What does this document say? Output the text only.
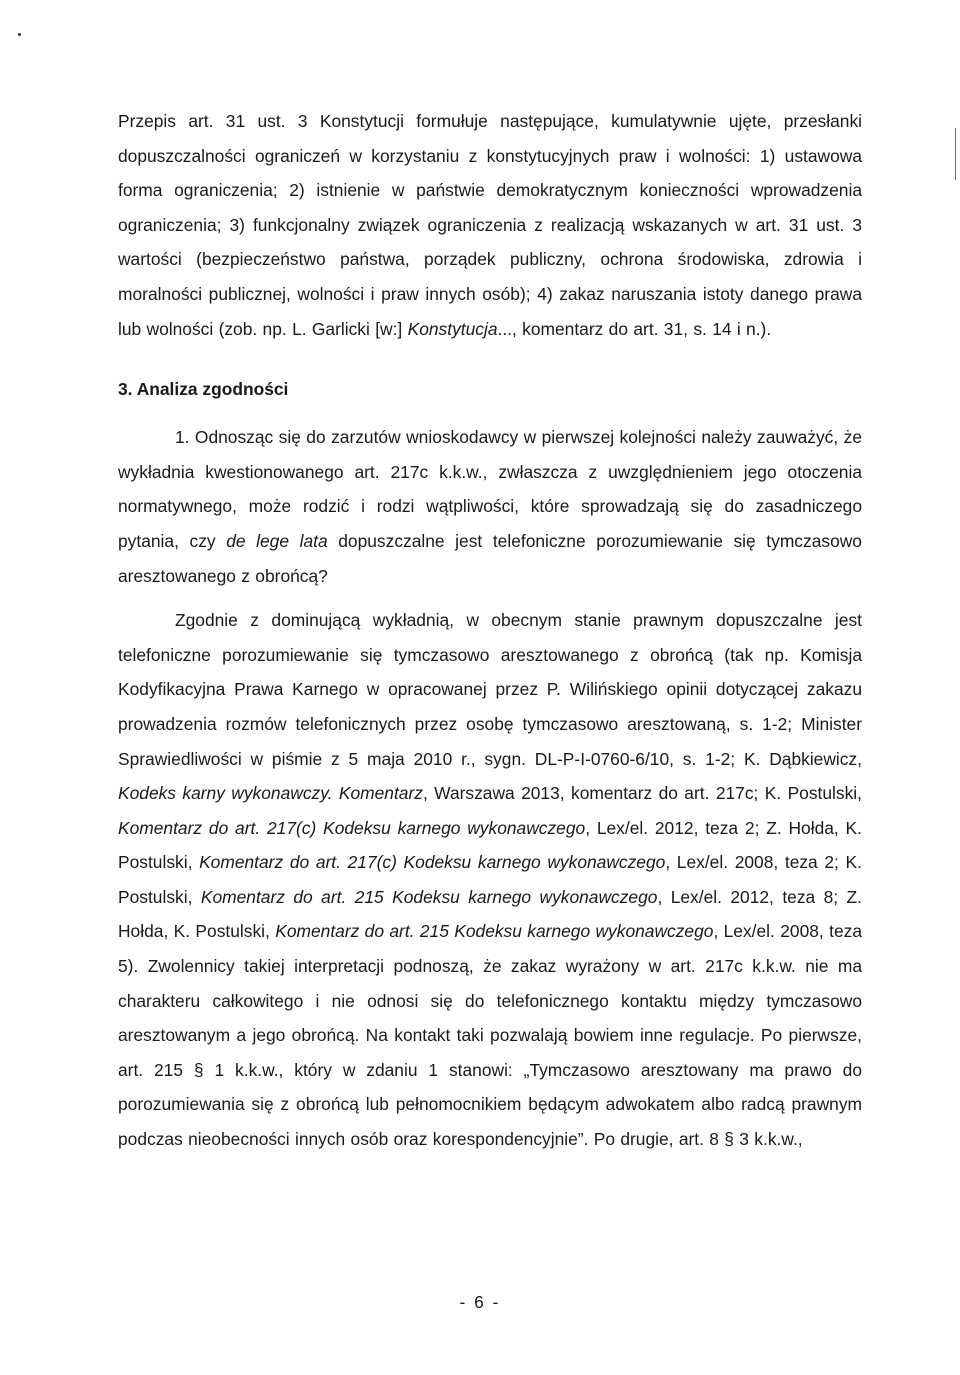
Przepis art. 31 ust. 3 Konstytucji formułuje następujące, kumulatywnie ujęte, przesłanki dopuszczalności ograniczeń w korzystaniu z konstytucyjnych praw i wolności: 1) ustawowa forma ograniczenia; 2) istnienie w państwie demokratycznym konieczności wprowadzenia ograniczenia; 3) funkcjonalny związek ograniczenia z realizacją wskazanych w art. 31 ust. 3 wartości (bezpieczeństwo państwa, porządek publiczny, ochrona środowiska, zdrowia i moralności publicznej, wolności i praw innych osób); 4) zakaz naruszania istoty danego prawa lub wolności (zob. np. L. Garlicki [w:] Konstytucja..., komentarz do art. 31, s. 14 i n.).

3. Analiza zgodności

1. Odnosząc się do zarzutów wnioskodawcy w pierwszej kolejności należy zauważyć, że wykładnia kwestionowanego art. 217c k.k.w., zwłaszcza z uwzględnieniem jego otoczenia normatywnego, może rodzić i rodzi wątpliwości, które sprowadzają się do zasadniczego pytania, czy de lege lata dopuszczalne jest telefoniczne porozumiewanie się tymczasowo aresztowanego z obrońcą?

Zgodnie z dominującą wykładnią, w obecnym stanie prawnym dopuszczalne jest telefoniczne porozumiewanie się tymczasowo aresztowanego z obrońcą (tak np. Komisja Kodyfikacyjna Prawa Karnego w opracowanej przez P. Wilińskiego opinii dotyczącej zakazu prowadzenia rozmów telefonicznych przez osobę tymczasowo aresztowaną, s. 1-2; Minister Sprawiedliwości w piśmie z 5 maja 2010 r., sygn. DL-P-I-0760-6/10, s. 1-2; K. Dąbkiewicz, Kodeks karny wykonawczy. Komentarz, Warszawa 2013, komentarz do art. 217c; K. Postulski, Komentarz do art. 217(c) Kodeksu karnego wykonawczego, Lex/el. 2012, teza 2; Z. Hołda, K. Postulski, Komentarz do art. 217(c) Kodeksu karnego wykonawczego, Lex/el. 2008, teza 2; K. Postulski, Komentarz do art. 215 Kodeksu karnego wykonawczego, Lex/el. 2012, teza 8; Z. Hołda, K. Postulski, Komentarz do art. 215 Kodeksu karnego wykonawczego, Lex/el. 2008, teza 5). Zwolennicy takiej interpretacji podnoszą, że zakaz wyrażony w art. 217c k.k.w. nie ma charakteru całkowitego i nie odnosi się do telefonicznego kontaktu między tymczasowo aresztowanym a jego obrońcą. Na kontakt taki pozwalają bowiem inne regulacje. Po pierwsze, art. 215 § 1 k.k.w., który w zdaniu 1 stanowi: „Tymczasowo aresztowany ma prawo do porozumiewania się z obrońcą lub pełnomocnikiem będącym adwokatem albo radcą prawnym podczas nieobecności innych osób oraz korespondencyjnie”. Po drugie, art. 8 § 3 k.k.w.,

- 6 -
